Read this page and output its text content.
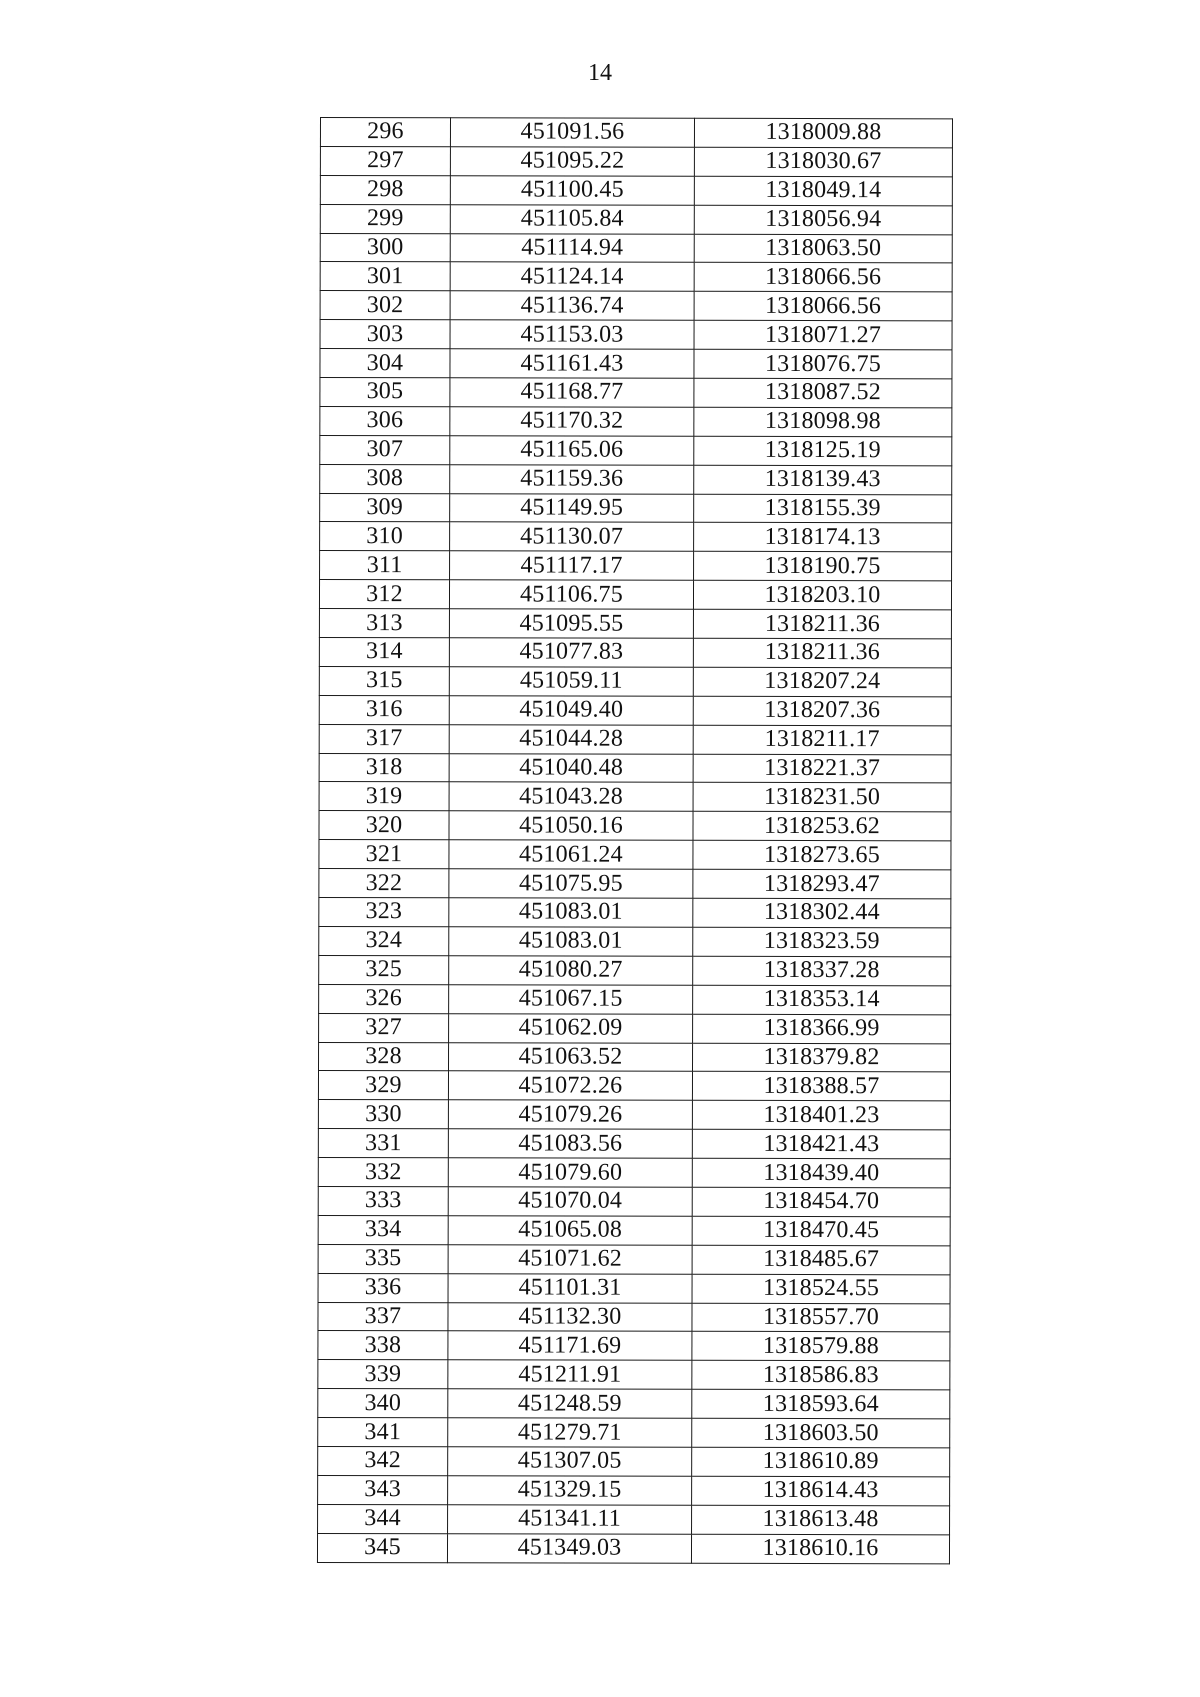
14
296	451091.56	1318009.88
297	451095.22	1318030.67
298	451100.45	1318049.14
299	451105.84	1318056.94
300	451114.94	1318063.50
301	451124.14	1318066.56
302	451136.74	1318066.56
303	451153.03	1318071.27
304	451161.43	1318076.75
305	451168.77	1318087.52
306	451170.32	1318098.98
307	451165.06	1318125.19
308	451159.36	1318139.43
309	451149.95	1318155.39
310	451130.07	1318174.13
311	451117.17	1318190.75
312	451106.75	1318203.10
313	451095.55	1318211.36
314	451077.83	1318211.36
315	451059.11	1318207.24
316	451049.40	1318207.36
317	451044.28	1318211.17
318	451040.48	1318221.37
319	451043.28	1318231.50
320	451050.16	1318253.62
321	451061.24	1318273.65
322	451075.95	1318293.47
323	451083.01	1318302.44
324	451083.01	1318323.59
325	451080.27	1318337.28
326	451067.15	1318353.14
327	451062.09	1318366.99
328	451063.52	1318379.82
329	451072.26	1318388.57
330	451079.26	1318401.23
331	451083.56	1318421.43
332	451079.60	1318439.40
333	451070.04	1318454.70
334	451065.08	1318470.45
335	451071.62	1318485.67
336	451101.31	1318524.55
337	451132.30	1318557.70
338	451171.69	1318579.88
339	451211.91	1318586.83
340	451248.59	1318593.64
341	451279.71	1318603.50
342	451307.05	1318610.89
343	451329.15	1318614.43
344	451341.11	1318613.48
345	451349.03	1318610.16
